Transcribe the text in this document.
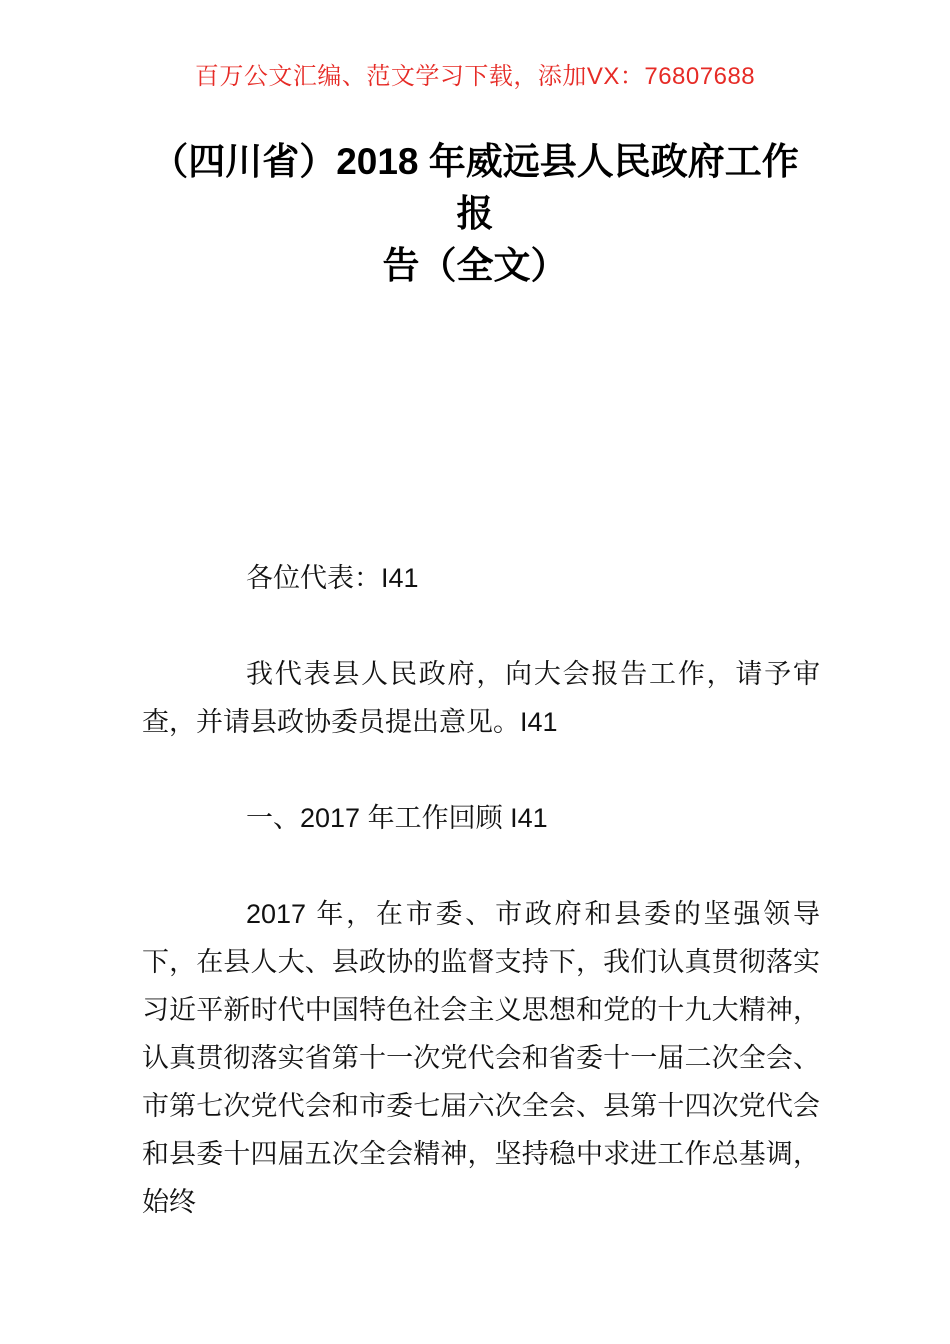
百万公文汇编、范文学习下载，添加VX：76807688
（四川省）2018 年威远县人民政府工作报
告（全文）

各位代表：I41

我代表县人民政府，向大会报告工作，请予审查，并请县政协委员提出意见。I41

一、2017 年工作回顾 I41

2017 年，在市委、市政府和县委的坚强领导下，在县人大、县政协的监督支持下，我们认真贯彻落实习近平新时代中国特色社会主义思想和党的十九大精神，认真贯彻落实省第十一次党代会和省委十一届二次全会、市第七次党代会和市委七届六次全会、县第十四次党代会和县委十四届五次全会精神，坚持稳中求进工作总基调，始终
